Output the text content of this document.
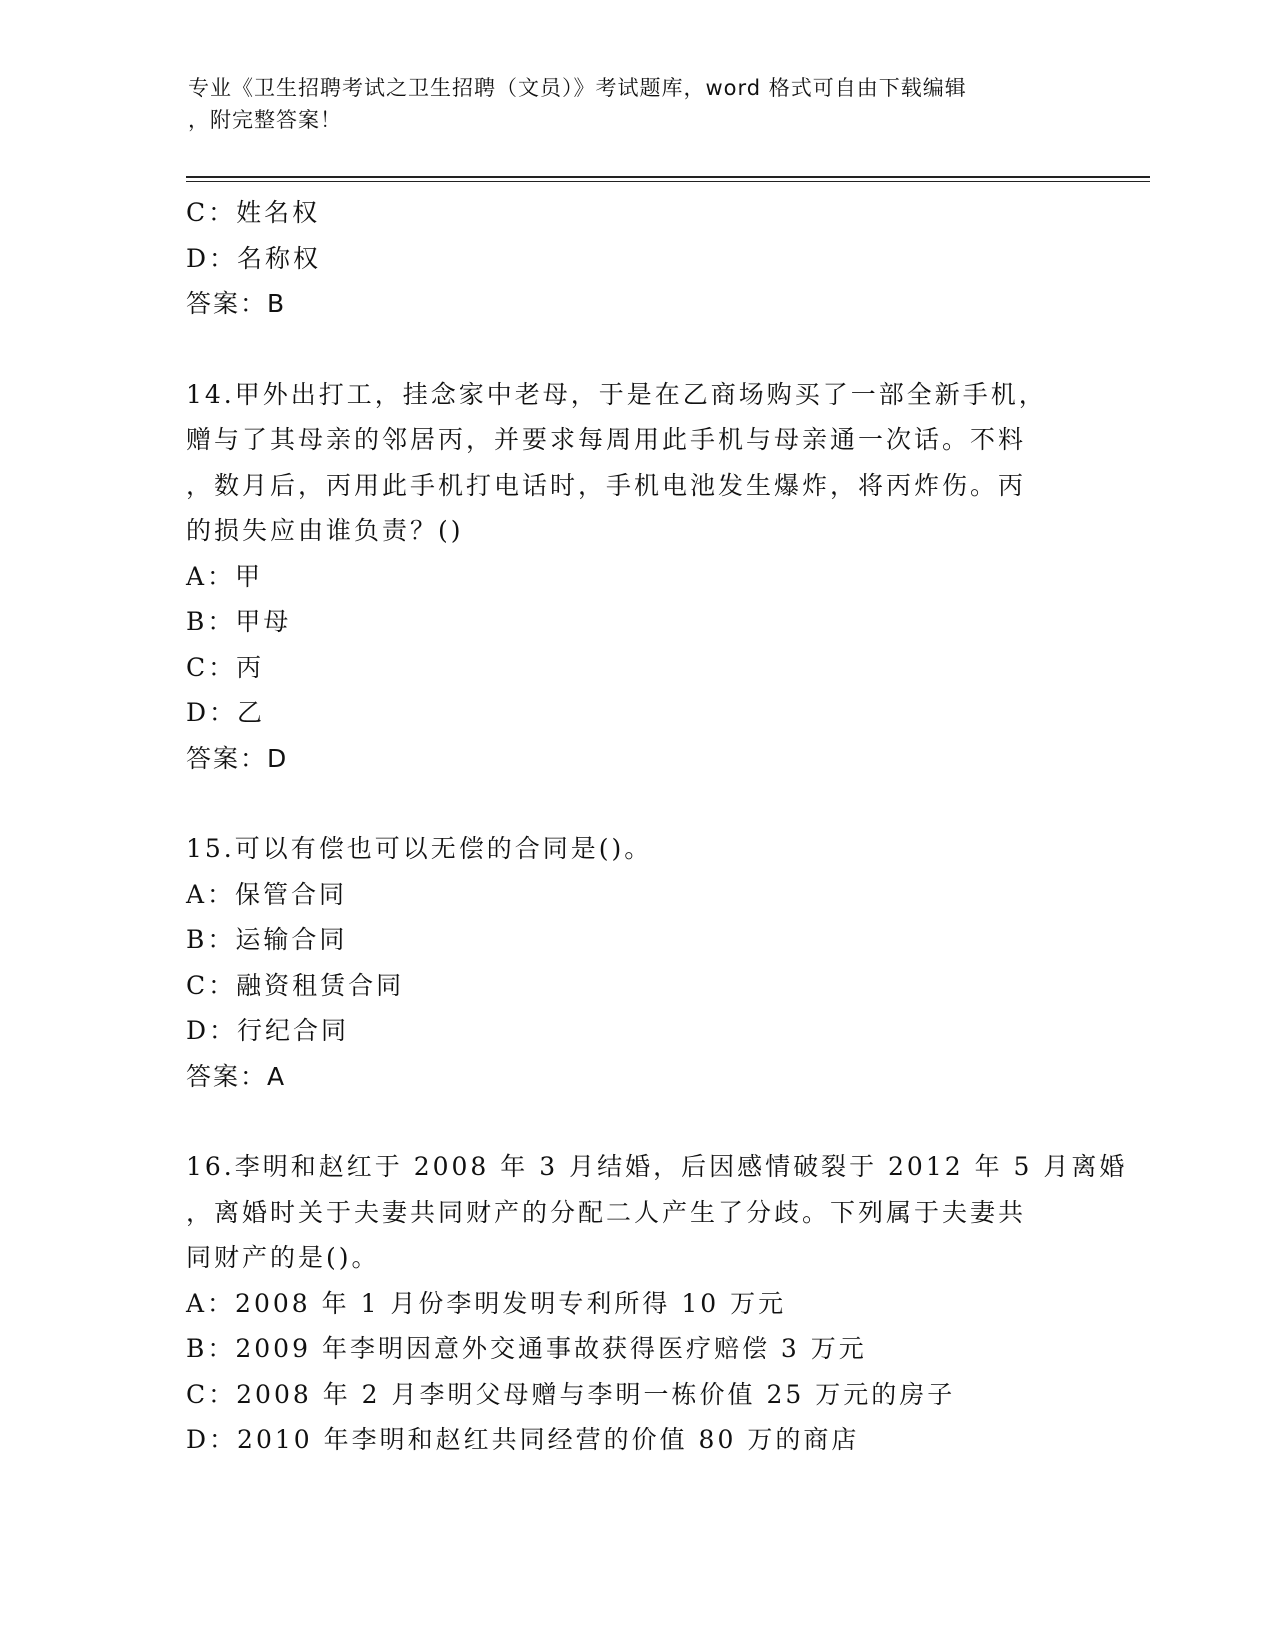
专业《卫生招聘考试之卫生招聘（文员）》考试题库，word 格式可自由下载编辑
，附完整答案！
C：姓名权
D：名称权
答案：B
14.甲外出打工，挂念家中老母，于是在乙商场购买了一部全新手机，
赠与了其母亲的邻居丙，并要求每周用此手机与母亲通一次话。不料
，数月后，丙用此手机打电话时，手机电池发生爆炸，将丙炸伤。丙
的损失应由谁负责？()
A：甲
B：甲母
C：丙
D：乙
答案：D
15.可以有偿也可以无偿的合同是()。
A：保管合同
B：运输合同
C：融资租赁合同
D：行纪合同
答案：A
16.李明和赵红于 2008 年 3 月结婚，后因感情破裂于 2012 年 5 月离婚
，离婚时关于夫妻共同财产的分配二人产生了分歧。下列属于夫妻共
同财产的是()。
A：2008 年 1 月份李明发明专利所得 10 万元
B：2009 年李明因意外交通事故获得医疗赔偿 3 万元
C：2008 年 2 月李明父母赠与李明一栋价值 25 万元的房子
D：2010 年李明和赵红共同经营的价值 80 万的商店
